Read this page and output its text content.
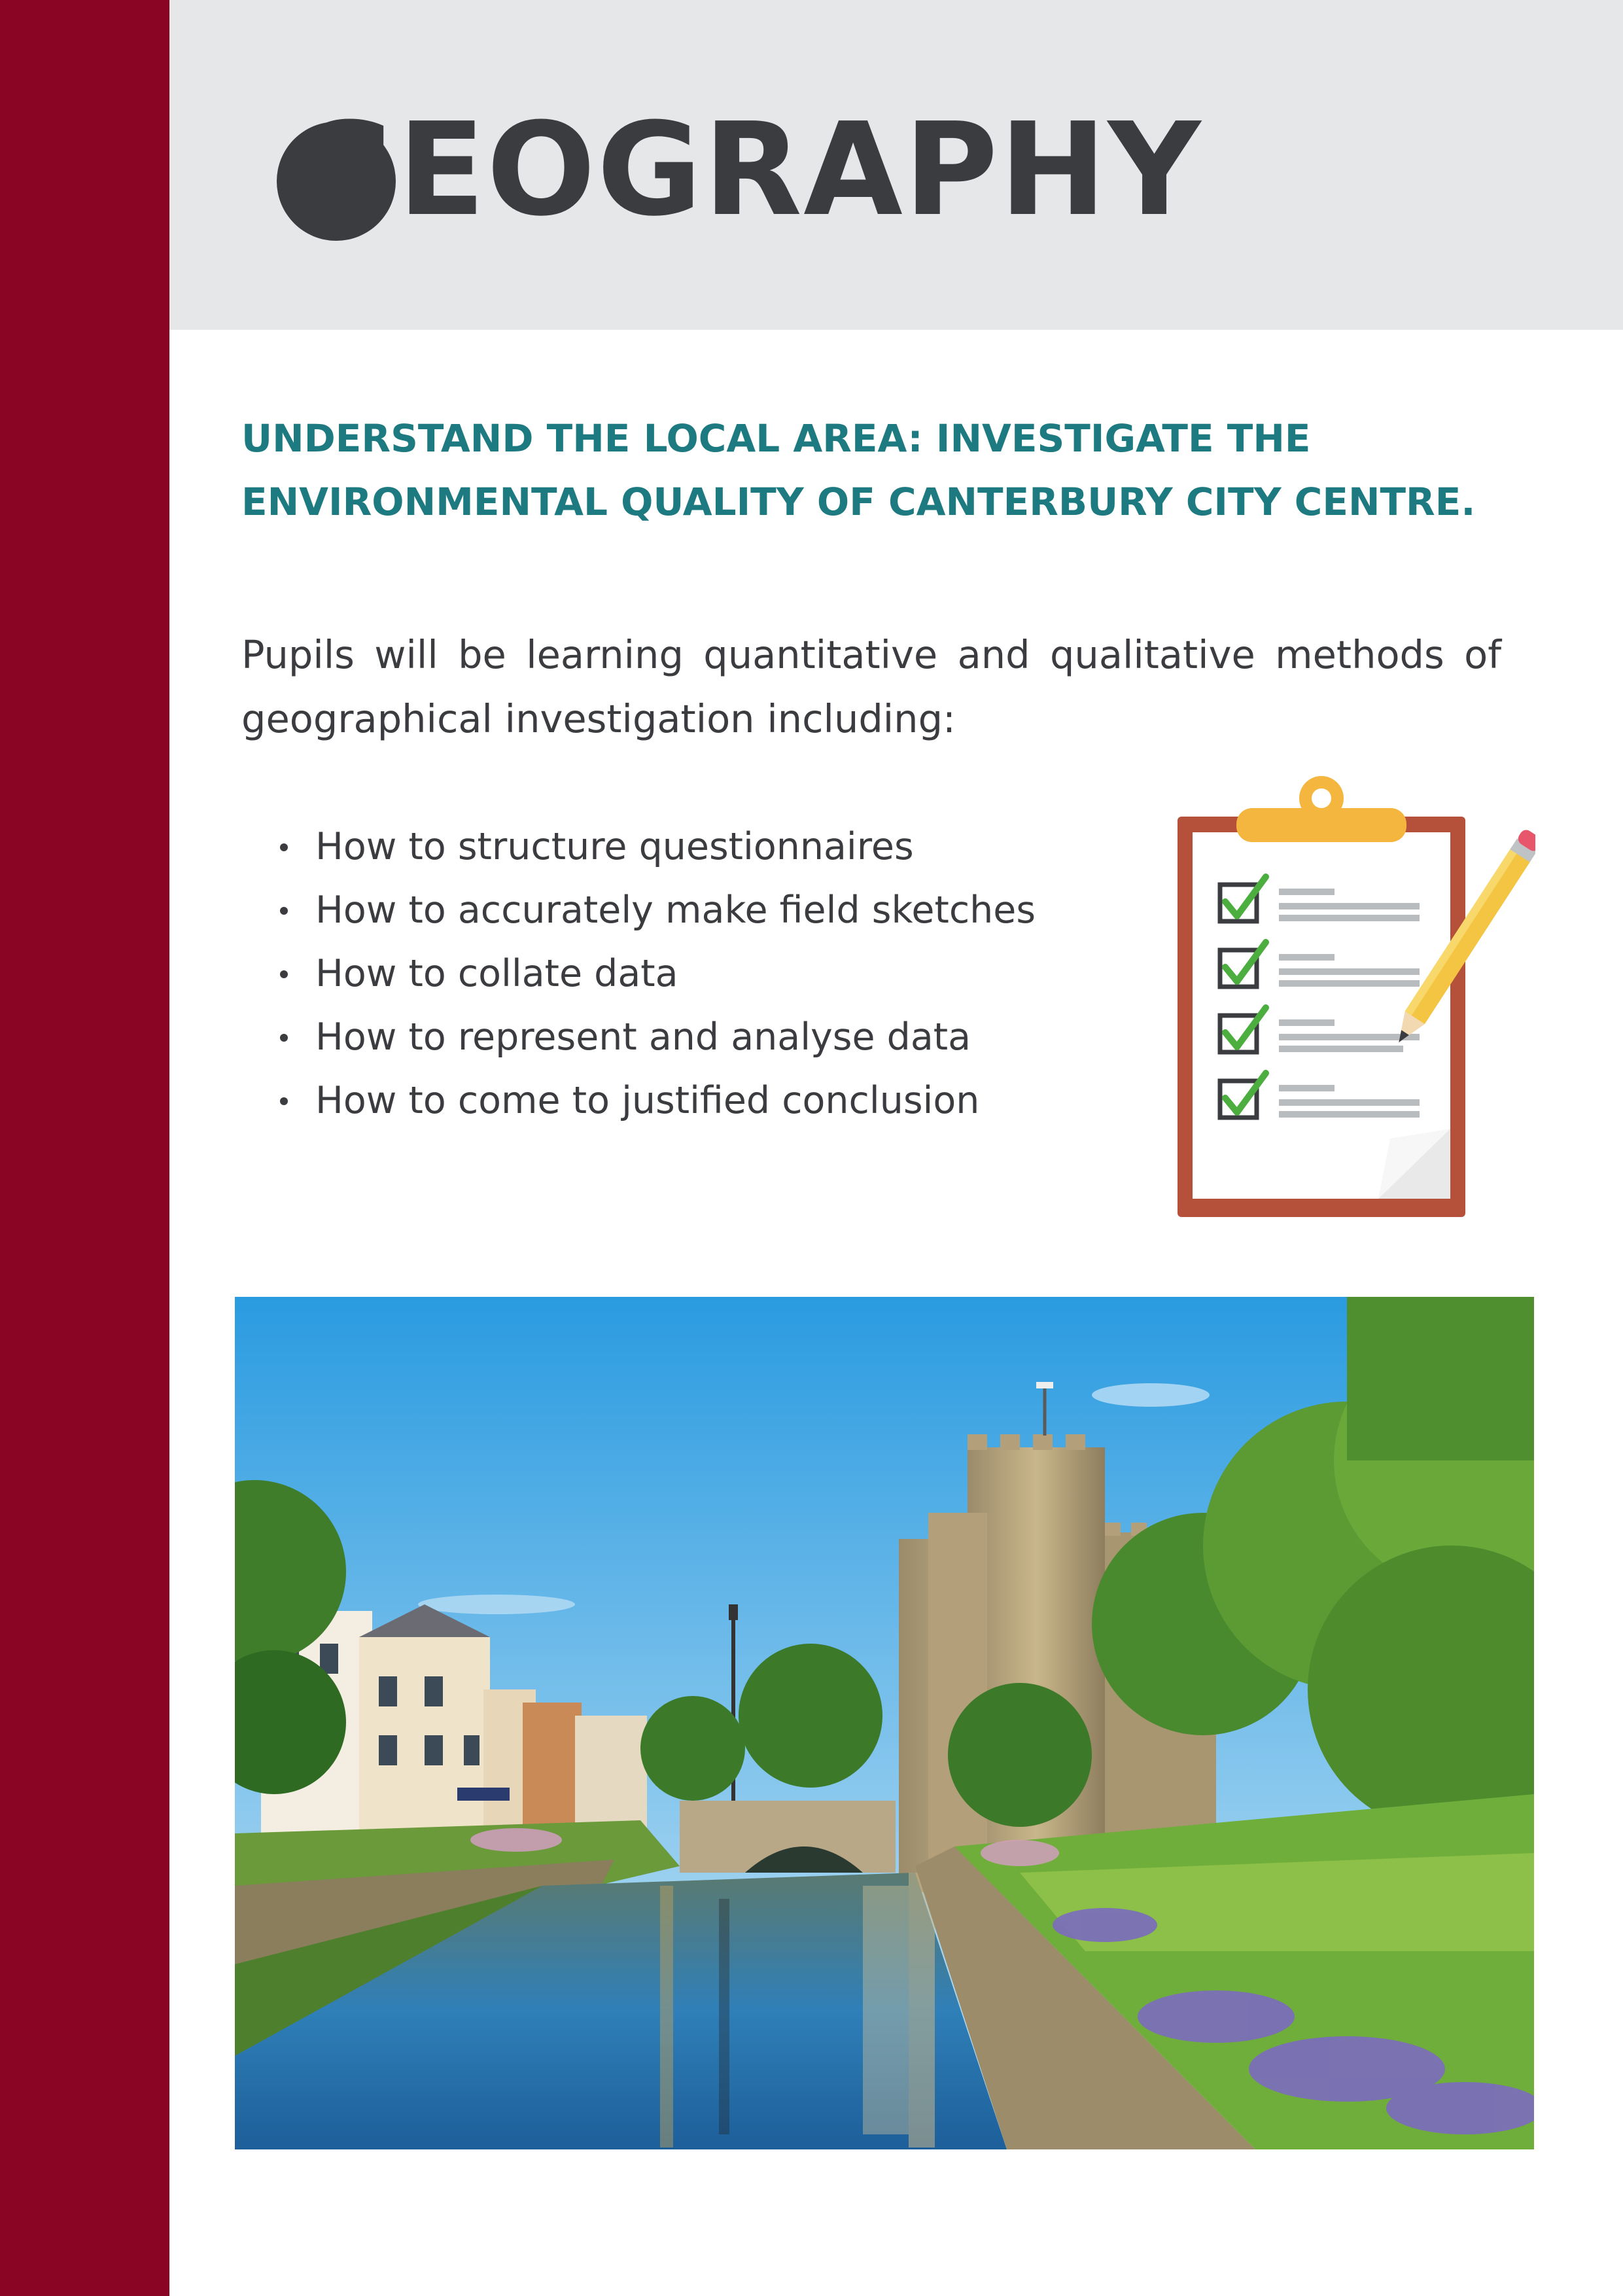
GEOGRAPHY
UNDERSTAND THE LOCAL AREA: INVESTIGATE THE ENVIRONMENTAL QUALITY OF CANTERBURY CITY CENTRE.
Pupils will be learning quantitative and qualitative methods of geographical investigation including:
How to structure questionnaires
How to accurately make field sketches
How to collate data
How to represent and analyse data
How to come to justified conclusion
